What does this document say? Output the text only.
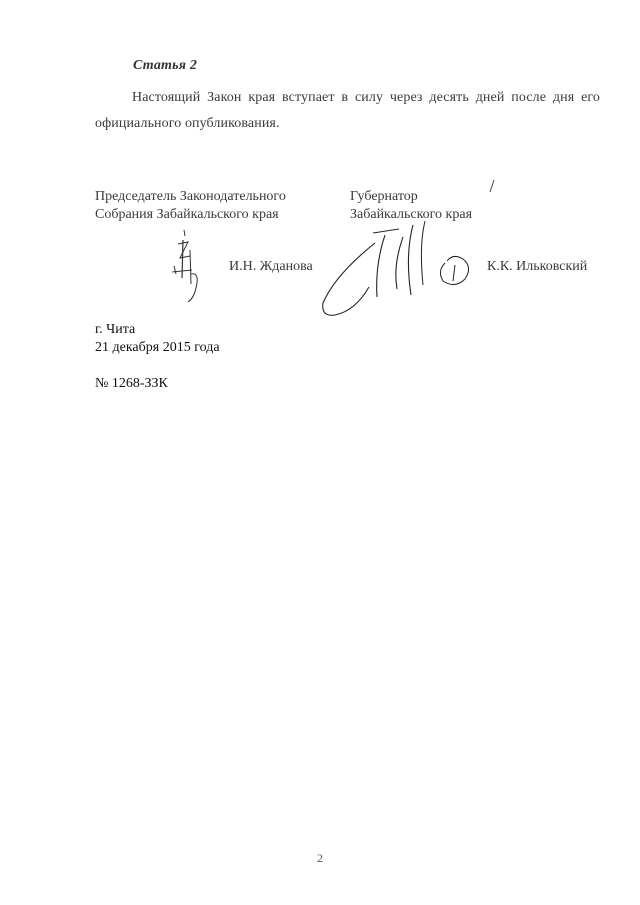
Статья 2

Настоящий Закон края вступает в силу через десять дней после дня его официального опубликования.

Председатель Законодательного
Собрания Забайкальского края
Губернатор
Забайкальского края
И.Н. Жданова	К.К. Ильковский
г. Чита
21 декабря 2015 года
№ 1268-ЗЗК
2
